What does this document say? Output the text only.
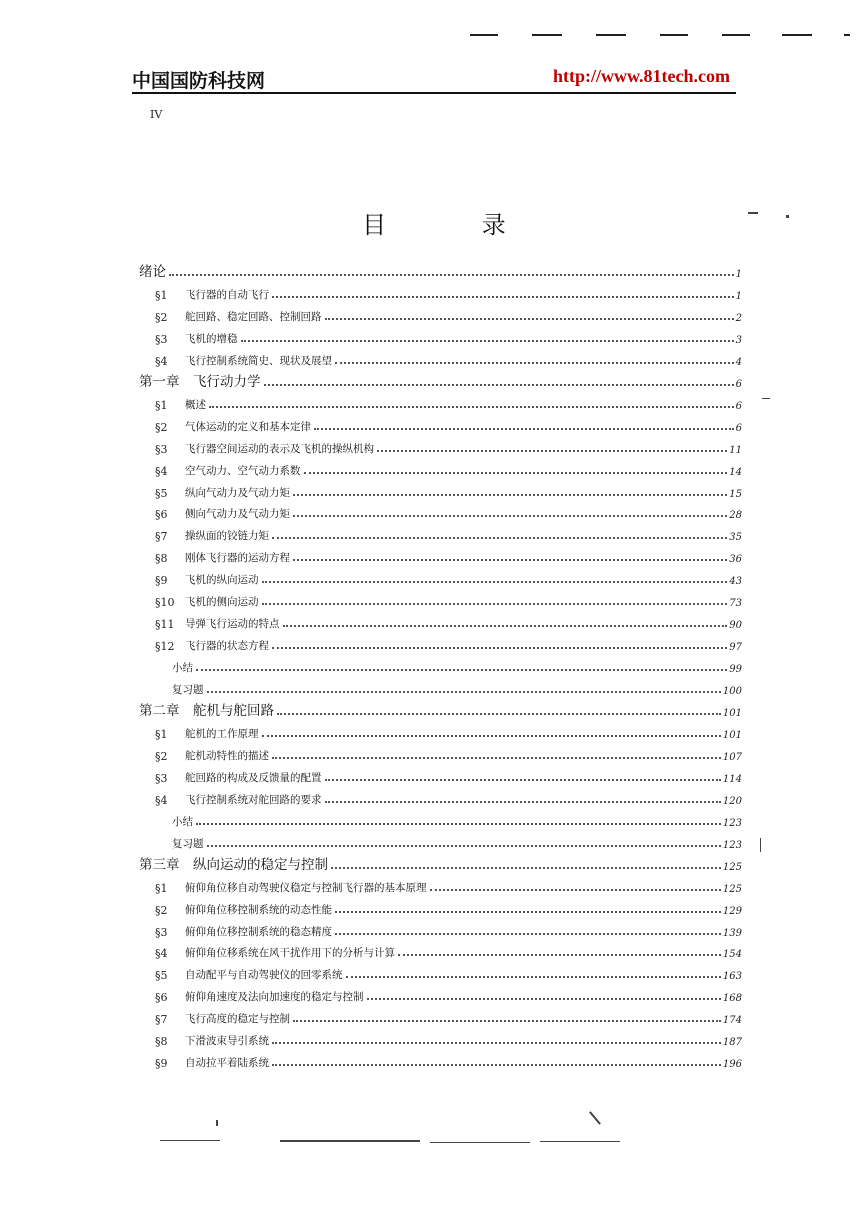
中国国防科技网	http://www.81tech.com
IV
目 录
绪论	1
§1	飞行器的自动飞行	1
§2	舵回路、稳定回路、控制回路	2
§3	飞机的增稳	3
§4	飞行控制系统简史、现状及展望	4
第一章　飞行动力学	6
§1	概述	6
§2	气体运动的定义和基本定律	6
§3	飞行器空间运动的表示及飞机的操纵机构	11
§4	空气动力、空气动力系数	14
§5	纵向气动力及气动力矩	15
§6	侧向气动力及气动力矩	28
§7	操纵面的铰链力矩	35
§8	刚体飞行器的运动方程	36
§9	飞机的纵向运动	43
§10	飞机的侧向运动	73
§11	导弹飞行运动的特点	90
§12	飞行器的状态方程	97
小结	99
复习题	100
第二章　舵机与舵回路	101
§1	舵机的工作原理	101
§2	舵机动特性的描述	107
§3	舵回路的构成及反馈量的配置	114
§4	飞行控制系统对舵回路的要求	120
小结	123
复习题	123
第三章　纵向运动的稳定与控制	125
§1	俯仰角位移自动驾驶仪稳定与控制飞行器的基本原理	125
§2	俯仰角位移控制系统的动态性能	129
§3	俯仰角位移控制系统的稳态精度	139
§4	俯仰角位移系统在风干扰作用下的分析与计算	154
§5	自动配平与自动驾驶仪的回零系统	163
§6	俯仰角速度及法向加速度的稳定与控制	168
§7	飞行高度的稳定与控制	174
§8	下滑波束导引系统	187
§9	自动拉平着陆系统	196
